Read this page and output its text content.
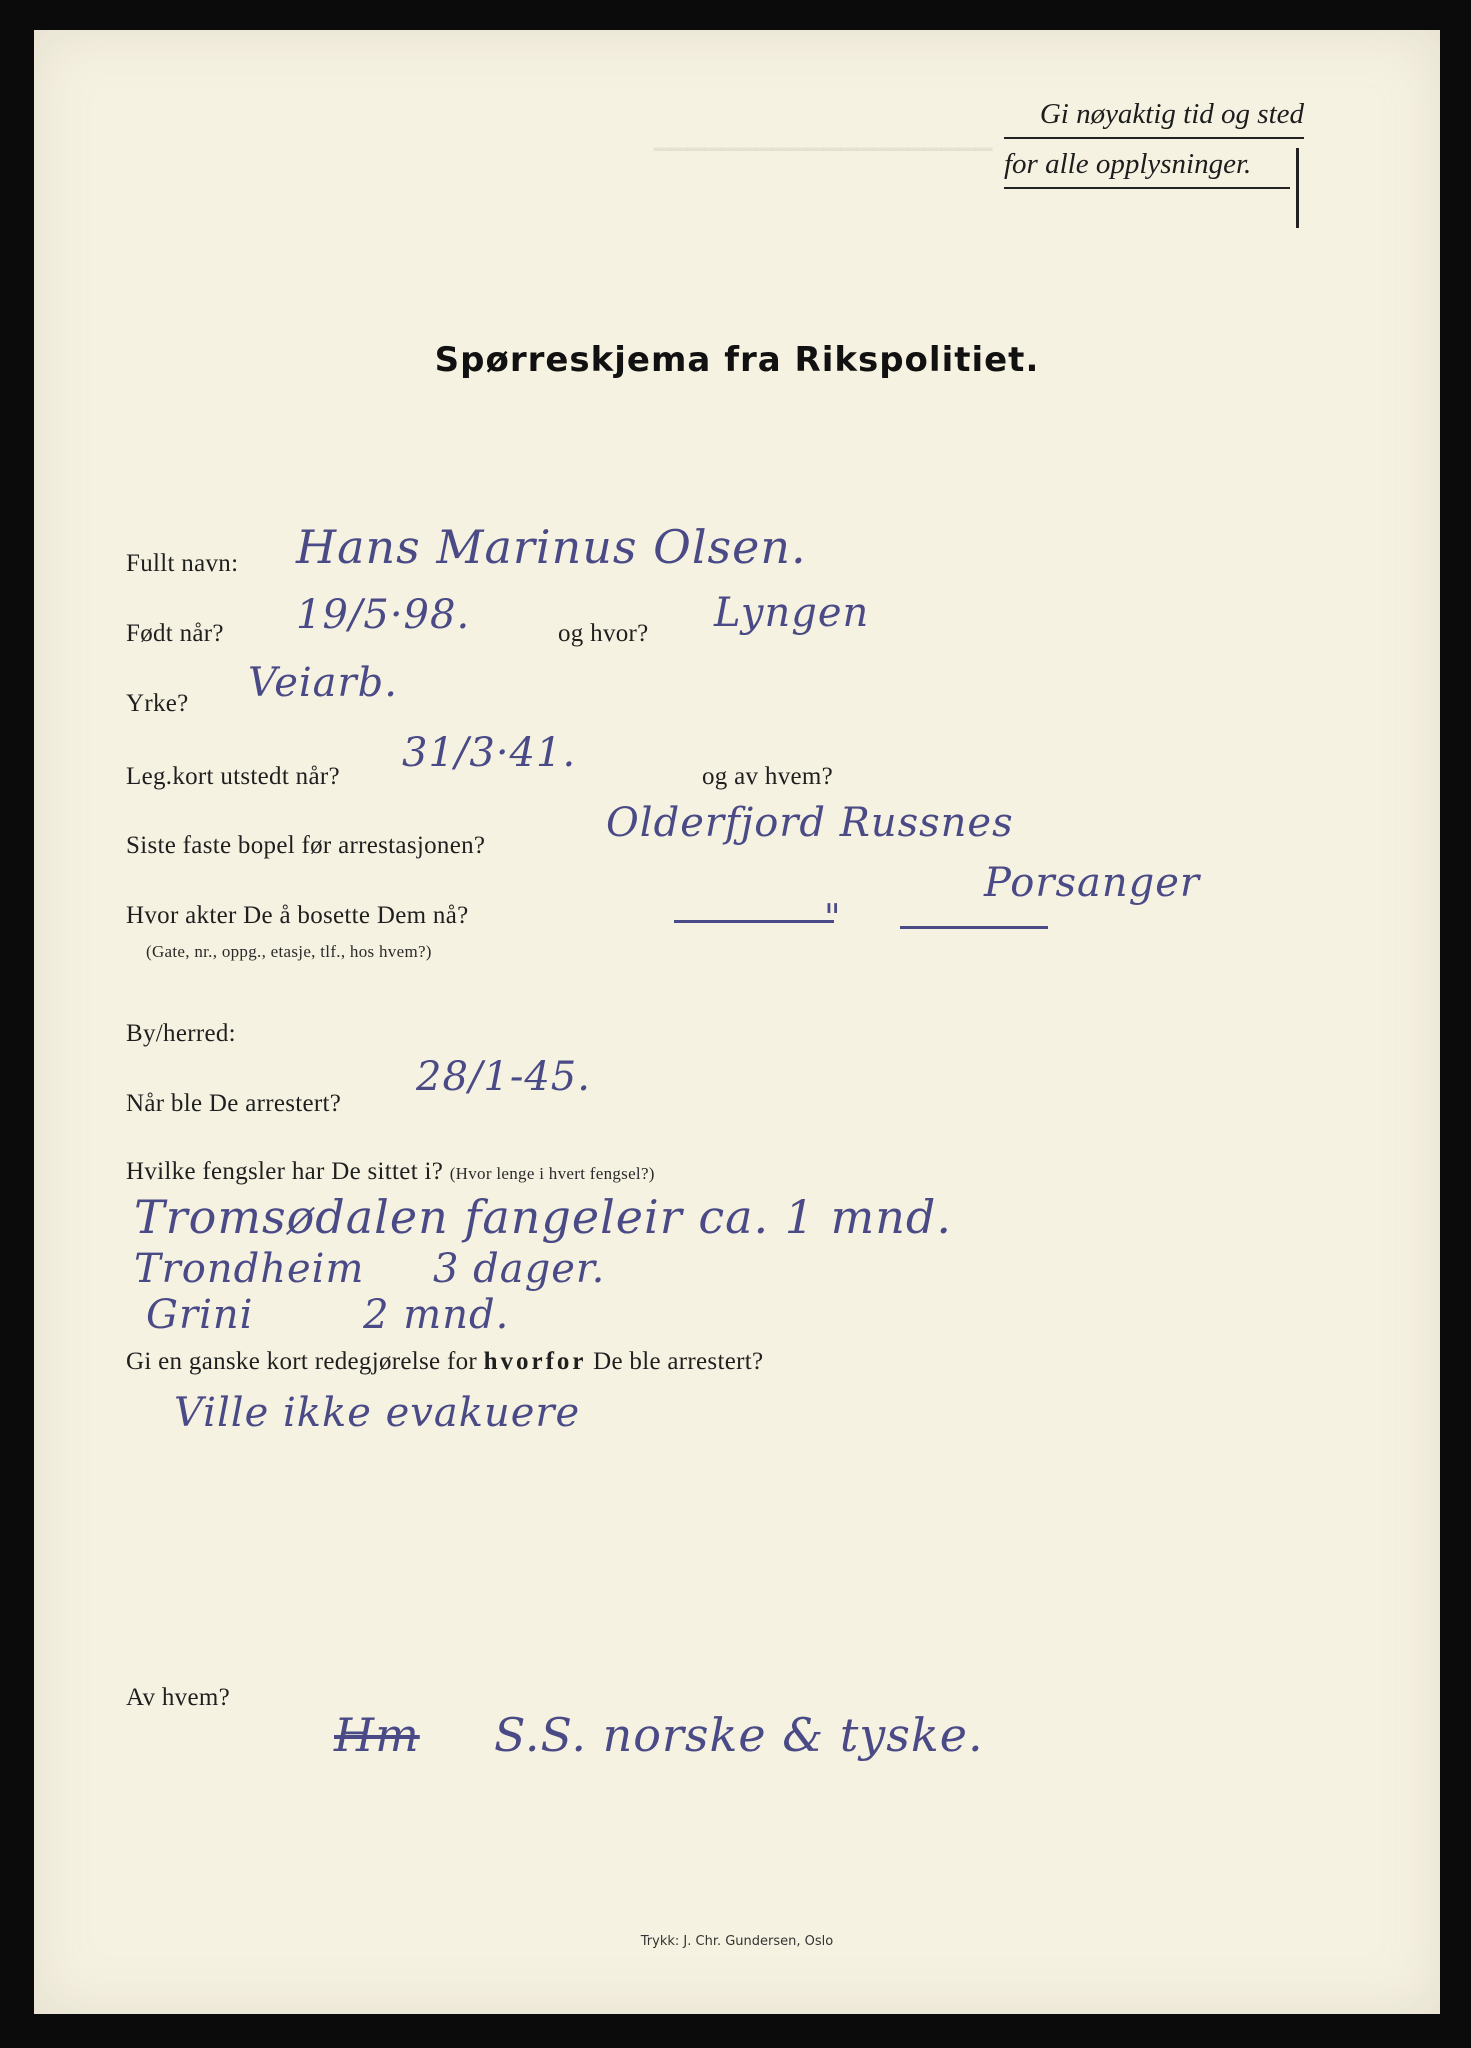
▔▔▔▔▔▔▔▔▔▔▔▔▔▔▔▔▔▔▔▔
Gi nøyaktig tid og sted
for alle opplysninger.
Spørreskjema fra Rikspolitiet.
Fullt navn: Hans Marinus Olsen.
Født når? 19/5·98.	og hvor? Lyngen
Yrke? Veiarb.
Leg.kort utstedt når?
31/3·41.
og av hvem?
Siste faste bopel før arrestasjonen?	Olderfjord Russnes
Porsanger
Hvor akter De å bosette Dem nå?
(Gate, nr., oppg., etasje, tlf., hos hvem?)
"
By/herred:
Når ble De arrestert?
28/1-45.
Hvilke fengsler har De sittet i? (Hvor lenge i hvert fengsel?)
Tromsødalen fangeleir ca. 1 mnd.
Trondheim     3 dager.
Grini        2 mnd.
Gi en ganske kort redegjørelse for hvorfor De ble arrestert?
Ville ikke evakuere
Av hvem?
Hm S.S. norske & tyske.
Trykk: J. Chr. Gundersen, Oslo
